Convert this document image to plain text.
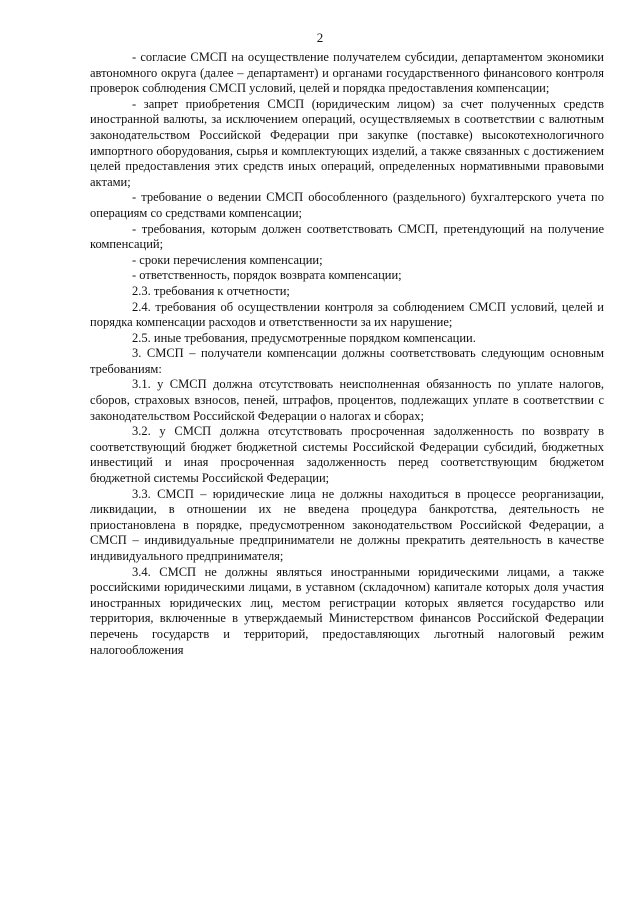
2

- согласие СМСП на осуществление получателем субсидии, департаментом экономики автономного округа (далее – департамент) и органами государственного финансового контроля проверок соблюдения СМСП условий, целей и порядка предоставления компенсации;

- запрет приобретения СМСП (юридическим лицом) за счет полученных средств иностранной валюты, за исключением операций, осуществляемых в соответствии с валютным законодательством Российской Федерации при закупке (поставке) высокотехнологичного импортного оборудования, сырья и комплектующих изделий, а также связанных с достижением целей предоставления этих средств иных операций, определенных нормативными правовыми актами;

- требование о ведении СМСП обособленного (раздельного) бухгалтерского учета по операциям со средствами компенсации;

- требования, которым должен соответствовать СМСП, претендующий на получение компенсаций;

- сроки перечисления компенсации;

- ответственность, порядок возврата компенсации;

2.3. требования к отчетности;

2.4. требования об осуществлении контроля за соблюдением СМСП условий, целей и порядка компенсации расходов и ответственности за их нарушение;

2.5. иные требования, предусмотренные порядком компенсации.

3. СМСП – получатели компенсации должны соответствовать следующим основным требованиям:

3.1. у СМСП должна отсутствовать неисполненная обязанность по уплате налогов, сборов, страховых взносов, пеней, штрафов, процентов, подлежащих уплате в соответствии с законодательством Российской Федерации о налогах и сборах;

3.2. у СМСП должна отсутствовать просроченная задолженность по возврату в соответствующий бюджет бюджетной системы Российской Федерации субсидий, бюджетных инвестиций и иная просроченная задолженность перед соответствующим бюджетом бюджетной системы Российской Федерации;

3.3. СМСП – юридические лица не должны находиться в процессе реорганизации, ликвидации, в отношении их не введена процедура банкротства, деятельность не приостановлена в порядке, предусмотренном законодательством Российской Федерации, а СМСП – индивидуальные предприниматели не должны прекратить деятельность в качестве индивидуального предпринимателя;

3.4. СМСП не должны являться иностранными юридическими лицами, а также российскими юридическими лицами, в уставном (складочном) капитале которых доля участия иностранных юридических лиц, местом регистрации которых является государство или территория, включенные в утверждаемый Министерством финансов Российской Федерации перечень государств и территорий, предоставляющих льготный налоговый режим налогообложения
